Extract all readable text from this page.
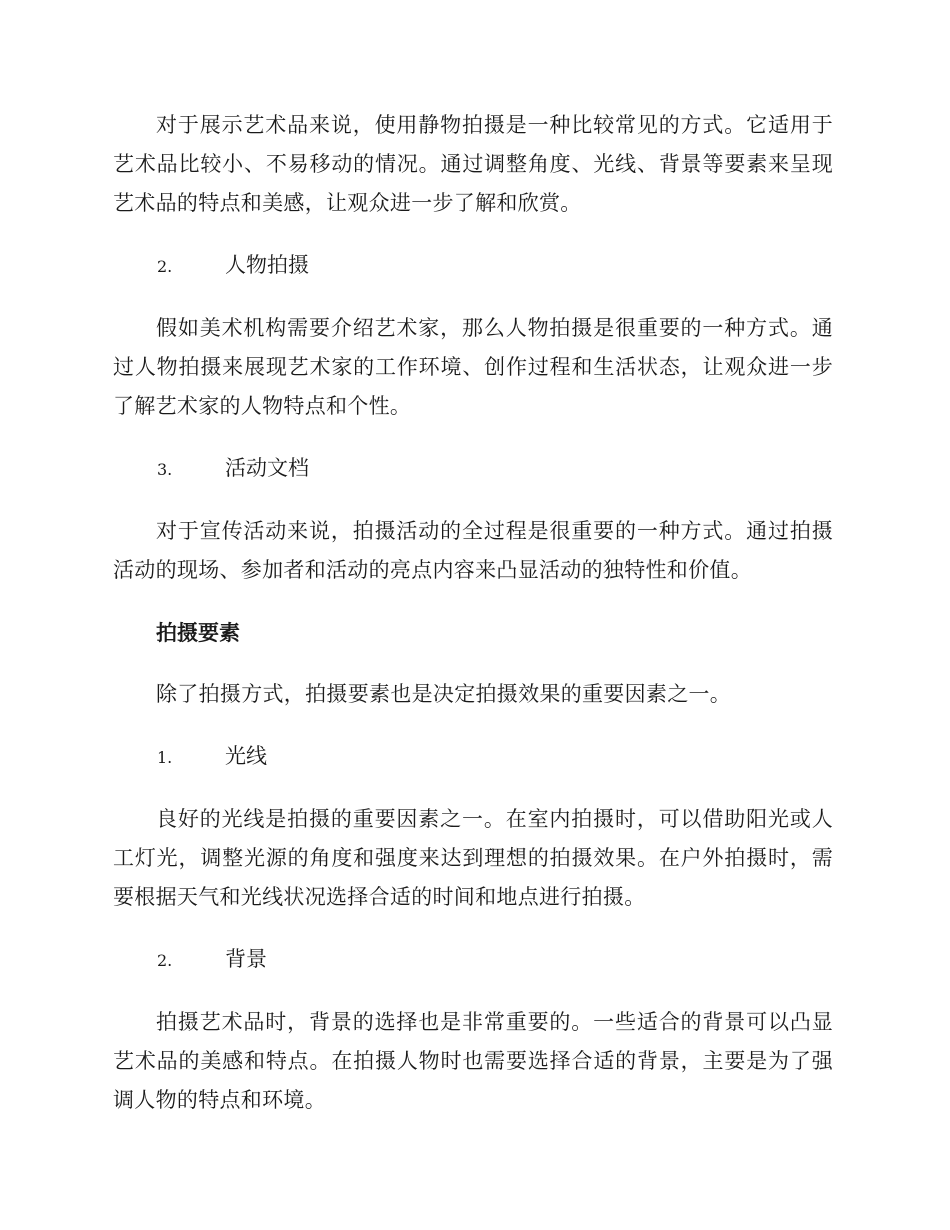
对于展示艺术品来说，使用静物拍摄是一种比较常见的方式。它适用于艺术品比较小、不易移动的情况。通过调整角度、光线、背景等要素来呈现艺术品的特点和美感，让观众进一步了解和欣赏。

2.	人物拍摄

假如美术机构需要介绍艺术家，那么人物拍摄是很重要的一种方式。通过人物拍摄来展现艺术家的工作环境、创作过程和生活状态，让观众进一步了解艺术家的人物特点和个性。

3.	活动文档

对于宣传活动来说，拍摄活动的全过程是很重要的一种方式。通过拍摄活动的现场、参加者和活动的亮点内容来凸显活动的独特性和价值。

拍摄要素

除了拍摄方式，拍摄要素也是决定拍摄效果的重要因素之一。

1.	光线

良好的光线是拍摄的重要因素之一。在室内拍摄时，可以借助阳光或人工灯光，调整光源的角度和强度来达到理想的拍摄效果。在户外拍摄时，需要根据天气和光线状况选择合适的时间和地点进行拍摄。

2.	背景

拍摄艺术品时，背景的选择也是非常重要的。一些适合的背景可以凸显艺术品的美感和特点。在拍摄人物时也需要选择合适的背景，主要是为了强调人物的特点和环境。
